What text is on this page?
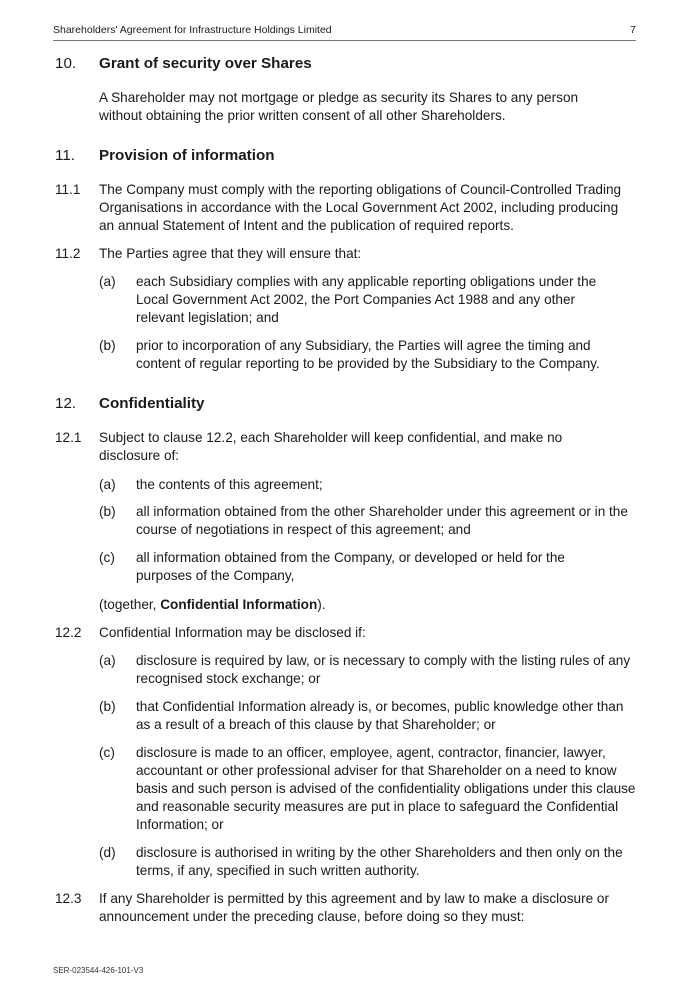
Shareholders' Agreement for Infrastructure Holdings Limited	7
10. Grant of security over Shares
A Shareholder may not mortgage or pledge as security its Shares to any person without obtaining the prior written consent of all other Shareholders.
11. Provision of information
11.1 The Company must comply with the reporting obligations of Council-Controlled Trading Organisations in accordance with the Local Government Act 2002, including producing an annual Statement of Intent and the publication of required reports.
11.2 The Parties agree that they will ensure that:
(a) each Subsidiary complies with any applicable reporting obligations under the Local Government Act 2002, the Port Companies Act 1988 and any other relevant legislation; and
(b) prior to incorporation of any Subsidiary, the Parties will agree the timing and content of regular reporting to be provided by the Subsidiary to the Company.
12. Confidentiality
12.1 Subject to clause 12.2, each Shareholder will keep confidential, and make no disclosure of:
(a) the contents of this agreement;
(b) all information obtained from the other Shareholder under this agreement or in the course of negotiations in respect of this agreement; and
(c) all information obtained from the Company, or developed or held for the purposes of the Company,
(together, Confidential Information).
12.2 Confidential Information may be disclosed if:
(a) disclosure is required by law, or is necessary to comply with the listing rules of any recognised stock exchange; or
(b) that Confidential Information already is, or becomes, public knowledge other than as a result of a breach of this clause by that Shareholder; or
(c) disclosure is made to an officer, employee, agent, contractor, financier, lawyer, accountant or other professional adviser for that Shareholder on a need to know basis and such person is advised of the confidentiality obligations under this clause and reasonable security measures are put in place to safeguard the Confidential Information; or
(d) disclosure is authorised in writing by the other Shareholders and then only on the terms, if any, specified in such written authority.
12.3 If any Shareholder is permitted by this agreement and by law to make a disclosure or announcement under the preceding clause, before doing so they must:
SER-023544-426-101-V3
